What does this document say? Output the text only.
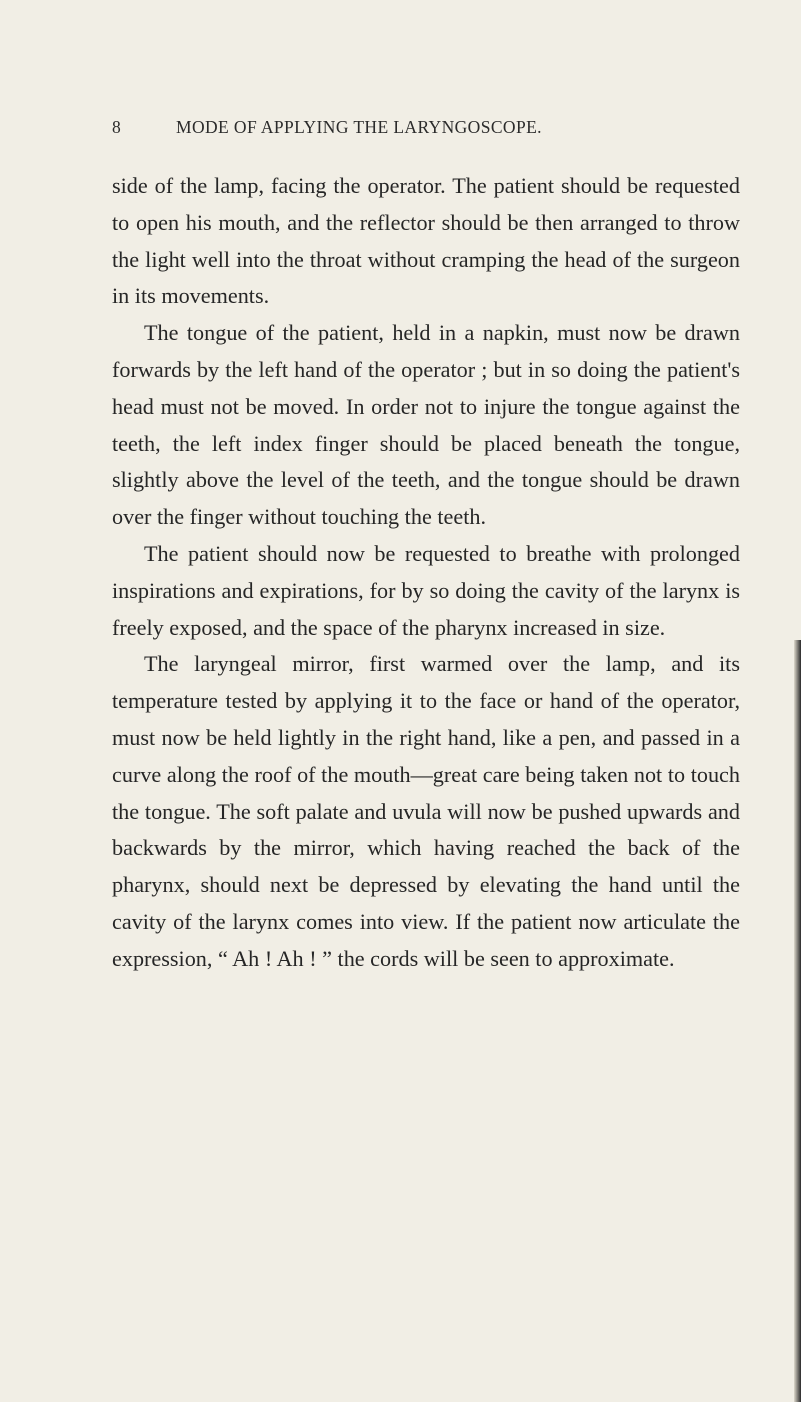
8	MODE OF APPLYING THE LARYNGOSCOPE.

side of the lamp, facing the operator. The patient should be requested to open his mouth, and the reflector should be then arranged to throw the light well into the throat without cramping the head of the surgeon in its movements.

The tongue of the patient, held in a napkin, must now be drawn forwards by the left hand of the operator ; but in so doing the patient's head must not be moved. In order not to injure the tongue against the teeth, the left index finger should be placed beneath the tongue, slightly above the level of the teeth, and the tongue should be drawn over the finger without touching the teeth.

The patient should now be requested to breathe with prolonged inspirations and expirations, for by so doing the cavity of the larynx is freely exposed, and the space of the pharynx increased in size.

The laryngeal mirror, first warmed over the lamp, and its temperature tested by applying it to the face or hand of the operator, must now be held lightly in the right hand, like a pen, and passed in a curve along the roof of the mouth—great care being taken not to touch the tongue. The soft palate and uvula will now be pushed upwards and backwards by the mirror, which having reached the back of the pharynx, should next be depressed by elevating the hand until the cavity of the larynx comes into view. If the patient now articulate the expression, “ Ah ! Ah ! ” the cords will be seen to approximate.
